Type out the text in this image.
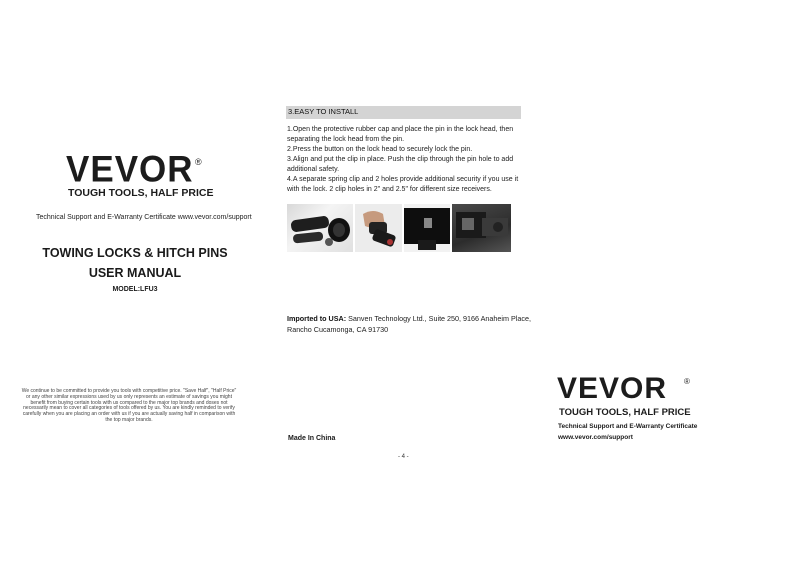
VEVOR ®
TOUGH TOOLS, HALF PRICE
Technical Support and E-Warranty Certificate www.vevor.com/support
TOWING LOCKS & HITCH PINS
USER MANUAL
MODEL:LFU3
We continue to be committed to provide you tools with competitive price. "Save Half", "Half Price" or any other similar expressions used by us only represents an estimate of savings you might benefit from buying certain tools with us compared to the major top brands and doses not necessarily mean to cover all categories of tools offered by us. You are kindly reminded to verify carefully when you are placing an order with us if you are actually saving half in comparison with the top major brands.
3.EASY TO INSTALL
1.Open the protective rubber cap and place the pin in the lock head, then separating the lock head from the pin.
2.Press the button on the lock head to securely lock the pin.
3.Align and put the clip in place. Push the clip through the pin hole to add additional safety.
4.A separate spring clip and 2 holes provide additional security if you use it with the lock. 2 clip holes in 2" and 2.5" for different size receivers.
Imported to USA: Sanven Technology Ltd., Suite 250, 9166 Anaheim Place, Rancho Cucamonga, CA 91730
Made In China
- 4 -
VEVOR ®
TOUGH TOOLS, HALF PRICE
Technical Support and E-Warranty Certificate
www.vevor.com/support
